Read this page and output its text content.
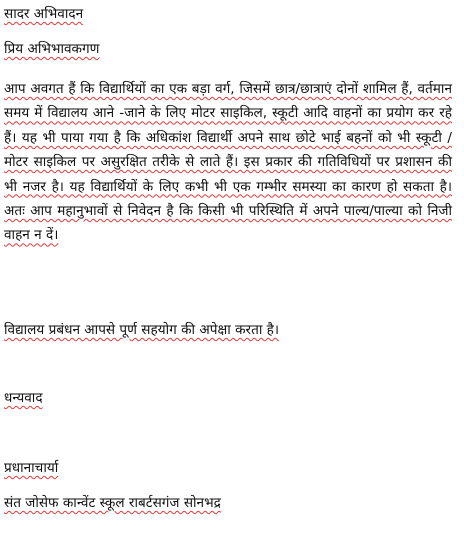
सादर अभिवादन

प्रिय अभिभावकगण

आप अवगत हैं कि विद्यार्थियों का एक बड़ा वर्ग, जिसमें छात्र/छात्राएं दोनों शामिल हैं, वर्तमान समय में विद्यालय आने -जाने के लिए मोटर साइकिल, स्कूटी आदि वाहनों का प्रयोग कर रहे हैं। यह भी पाया गया है कि अधिकांश विद्यार्थी अपने साथ छोटे भाई बहनों को भी स्कूटी /मोटर साइकिल पर असुरक्षित तरीके से लाते हैं। इस प्रकार की गतिविधियों पर प्रशासन की भी नजर है। यह विद्यार्थियों के लिए कभी भी एक गम्भीर समस्या का कारण हो सकता है। अतः आप महानुभावों से निवेदन है कि किसी भी परिस्थिति में अपने पाल्य/पाल्या को निजी वाहन न दें।

विद्यालय प्रबंधन आपसे पूर्ण सहयोग की अपेक्षा करता है।

धन्यवाद

प्रधानाचार्या

संत जोसेफ कान्वेंट स्कूल राबर्टसगंज सोनभद्र
